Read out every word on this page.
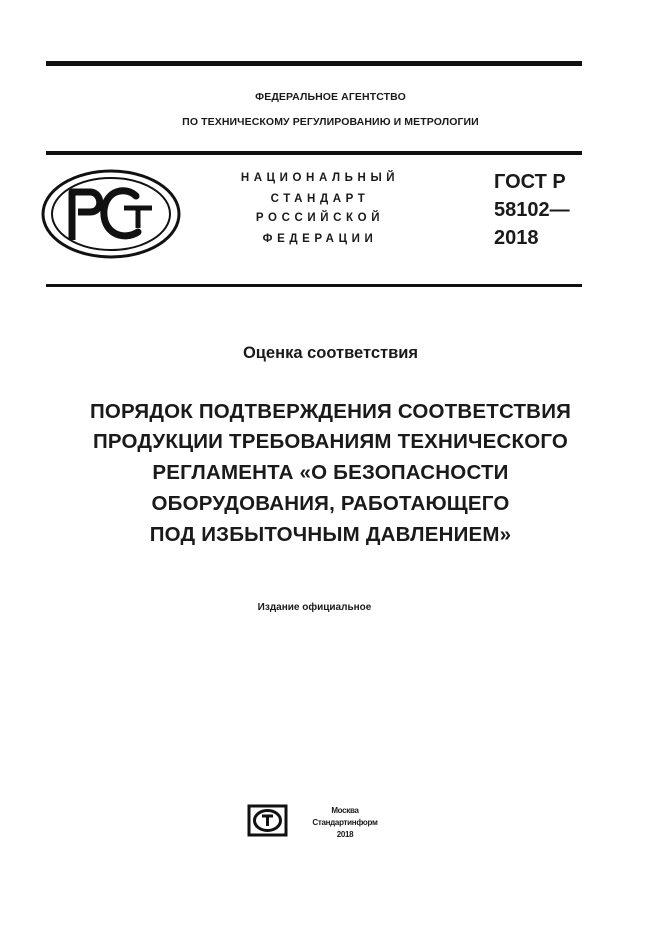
ФЕДЕРАЛЬНОЕ АГЕНТСТВО
ПО ТЕХНИЧЕСКОМУ РЕГУЛИРОВАНИЮ И МЕТРОЛОГИИ
НАЦИОНАЛЬНЫЙ
СТАНДАРТ
РОССИЙСКОЙ
ФЕДЕРАЦИИ
ГОСТ Р
58102—
2018
Оценка соответствия
ПОРЯДОК ПОДТВЕРЖДЕНИЯ СООТВЕТСТВИЯ
ПРОДУКЦИИ ТРЕБОВАНИЯМ ТЕХНИЧЕСКОГО
РЕГЛАМЕНТА «О БЕЗОПАСНОСТИ
ОБОРУДОВАНИЯ, РАБОТАЮЩЕГО
ПОД ИЗБЫТОЧНЫМ ДАВЛЕНИЕМ»
Издание официальное
Москва
Стандартинформ
2018
